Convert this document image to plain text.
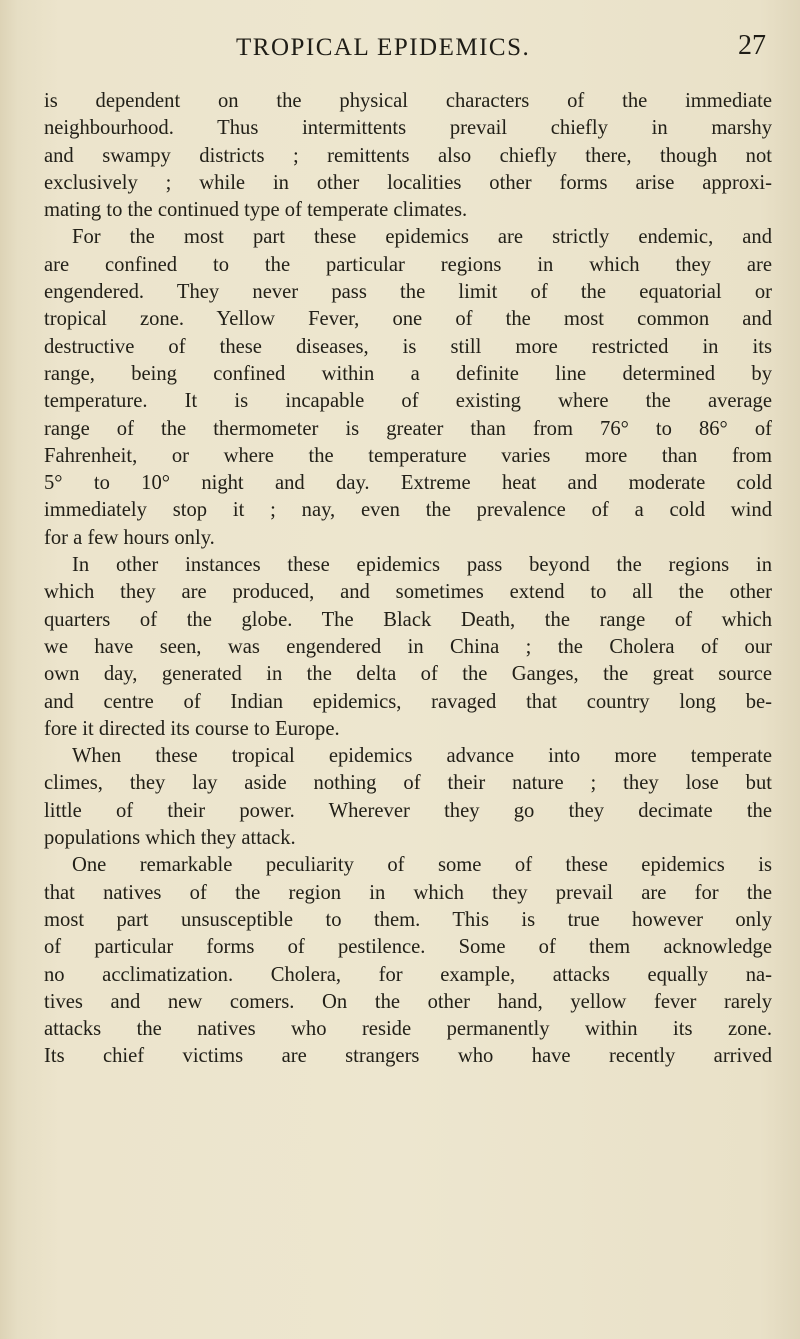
TROPICAL EPIDEMICS.	27
is dependent on the physical characters of the immediate
neighbourhood. Thus intermittents prevail chiefly in marshy
and swampy districts ; remittents also chiefly there, though not
exclusively ; while in other localities other forms arise approxi-
mating to the continued type of temperate climates.
For the most part these epidemics are strictly endemic, and
are confined to the particular regions in which they are
engendered. They never pass the limit of the equatorial or
tropical zone. Yellow Fever, one of the most common and
destructive of these diseases, is still more restricted in its
range, being confined within a definite line determined by
temperature. It is incapable of existing where the average
range of the thermometer is greater than from 76° to 86° of
Fahrenheit, or where the temperature varies more than from
5° to 10° night and day. Extreme heat and moderate cold
immediately stop it ; nay, even the prevalence of a cold wind
for a few hours only.
In other instances these epidemics pass beyond the regions in
which they are produced, and sometimes extend to all the other
quarters of the globe. The Black Death, the range of which
we have seen, was engendered in China ; the Cholera of our
own day, generated in the delta of the Ganges, the great source
and centre of Indian epidemics, ravaged that country long be-
fore it directed its course to Europe.
When these tropical epidemics advance into more temperate
climes, they lay aside nothing of their nature ; they lose but
little of their power. Wherever they go they decimate the
populations which they attack.
One remarkable peculiarity of some of these epidemics is
that natives of the region in which they prevail are for the
most part unsusceptible to them. This is true however only
of particular forms of pestilence. Some of them acknowledge
no acclimatization. Cholera, for example, attacks equally na-
tives and new comers. On the other hand, yellow fever rarely
attacks the natives who reside permanently within its zone.
Its chief victims are strangers who have recently arrived
